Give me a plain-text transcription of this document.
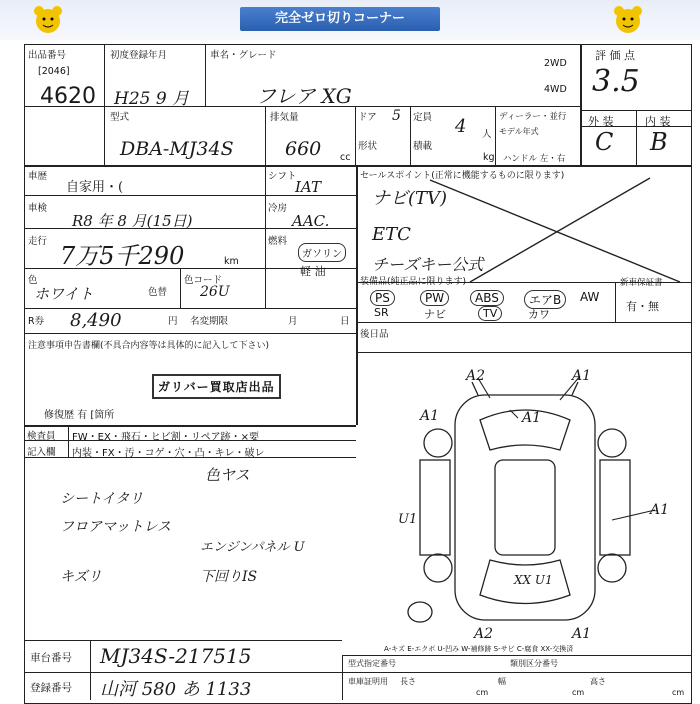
完全ゼロ切りコーナー
出品番号
[2046]
4620
初度登録年月
H25 9 月
車名・グレード
フレア XG
2WD
4WD
評 価 点
3.5
外 装	内 装
C B
型式
DBA-MJ34S
排気量
660 cc
ドア 5
形状
定員 4 人
積載
kg
ディーラー・並行
モデル年式
ハンドル 左・右
車歴
自家用・(
シフト
IAT
車検
R8 年 8 月(15日)
冷房
AAC.
走行
7万5千290	km
燃料
ガソリン
軽 油
色
ホワイト	色替
色コード
26U
R券 8,490	円 名変期限	月	日
注意事項申告書欄(不具合内容等は具体的に記入して下さい)
ガリバー買取店出品
修復歴 有 [箇所
セールスポイント(正常に機能するものに限ります)
ナビ(TV)
ETC
チーズキー公式
装備品(純正品に限ります)
PS	PW	ABS	エアB	AW
SR	ナビ	TV	カワ
新車保証書
有・無
後日品
検査員
記入欄
FW・EX・飛石・ヒビ割・リペア跡・×要
内装・FX・汚・コゲ・穴・凸・キレ・破レ
色ヤス
シートイタリ
フロアマットレス
エンジンパネル U
キズリ	下回りIS
A2	A1
A1	A1
A1
U1
XX U1
A2	A1
A-キズ E-エクボ U-凹み W-補修跡 S-サビ C-腐食 XX-交換済
車台番号 MJ34S-217515
登録番号 山河 580 あ 1133
型式指定番号	類別区分番号
車庫証明用 長さ	幅	高さ
cm	cm	cm
